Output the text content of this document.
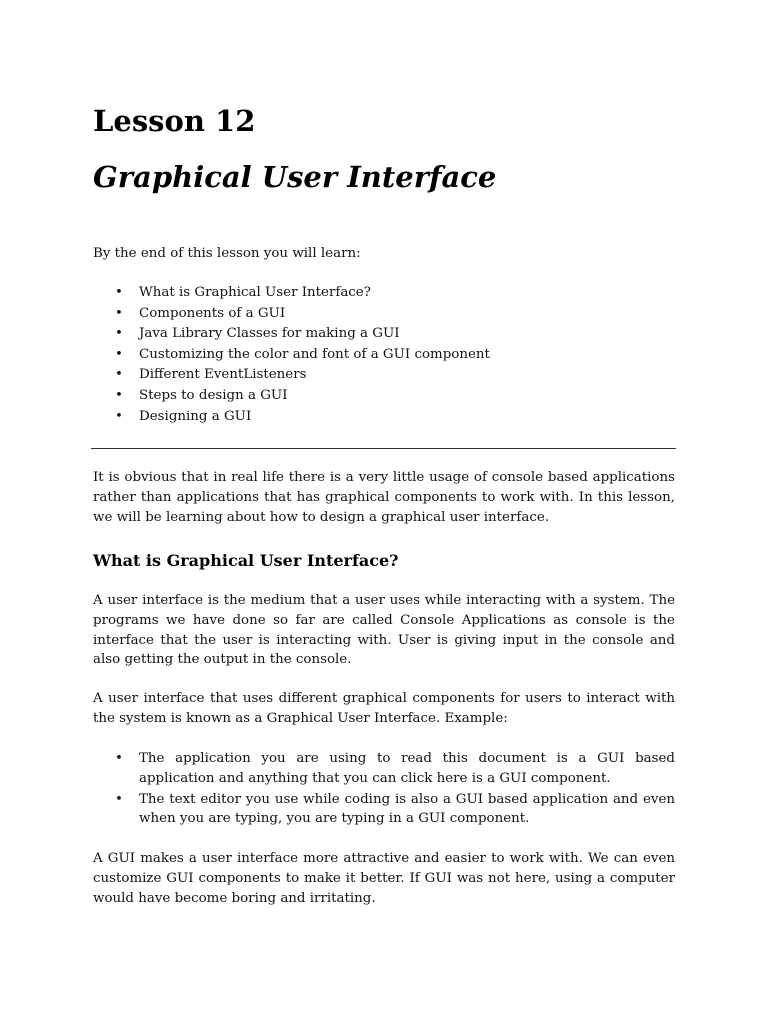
Lesson 12
Graphical User Interface

By the end of this lesson you will learn:

• What is Graphical User Interface?
• Components of a GUI
• Java Library Classes for making a GUI
• Customizing the color and font of a GUI component
• Different EventListeners
• Steps to design a GUI
• Designing a GUI

It is obvious that in real life there is a very little usage of console based applications rather than applications that has graphical components to work with. In this lesson, we will be learning about how to design a graphical user interface.

What is Graphical User Interface?

A user interface is the medium that a user uses while interacting with a system. The programs we have done so far are called Console Applications as console is the interface that the user is interacting with. User is giving input in the console and also getting the output in the console.

A user interface that uses different graphical components for users to interact with the system is known as a Graphical User Interface. Example:

• The application you are using to read this document is a GUI based application and anything that you can click here is a GUI component.
• The text editor you use while coding is also a GUI based application and even when you are typing, you are typing in a GUI component.

A GUI makes a user interface more attractive and easier to work with. We can even customize GUI components to make it better. If GUI was not here, using a computer would have become boring and irritating.
